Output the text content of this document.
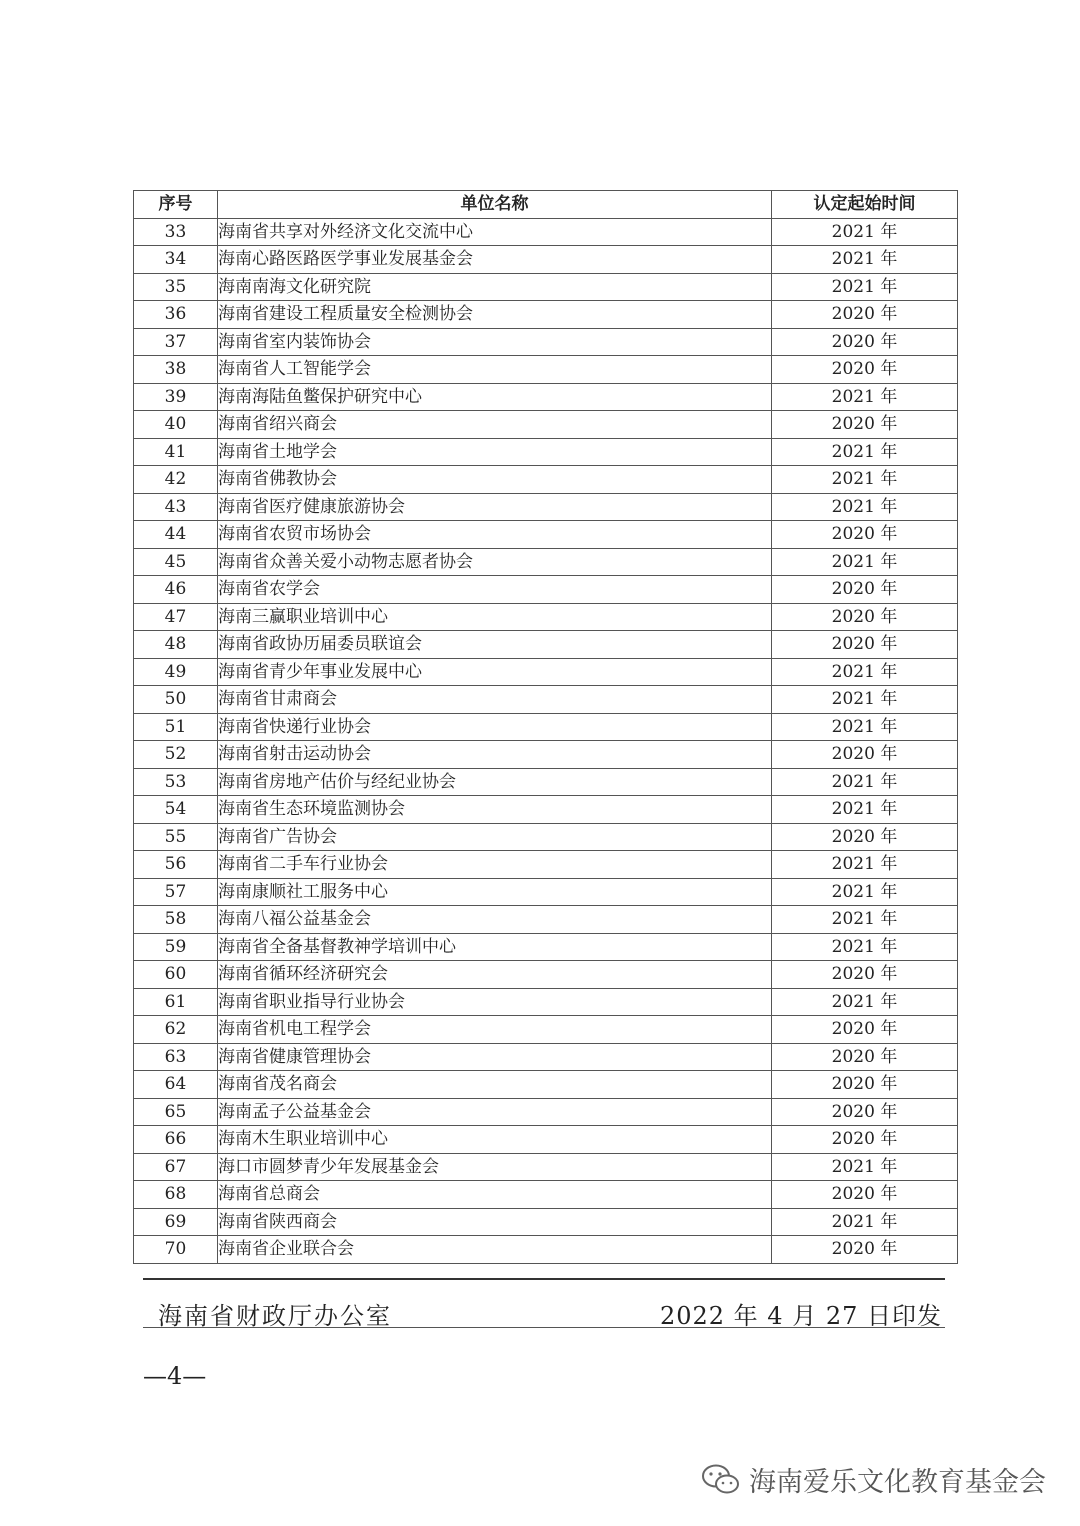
序号	单位名称	认定起始时间
33	海南省共享对外经济文化交流中心	2021 年
34	海南心路医路医学事业发展基金会	2021 年
35	海南南海文化研究院	2021 年
36	海南省建设工程质量安全检测协会	2020 年
37	海南省室内装饰协会	2020 年
38	海南省人工智能学会	2020 年
39	海南海陆鱼鳖保护研究中心	2021 年
40	海南省绍兴商会	2020 年
41	海南省土地学会	2021 年
42	海南省佛教协会	2021 年
43	海南省医疗健康旅游协会	2021 年
44	海南省农贸市场协会	2020 年
45	海南省众善关爱小动物志愿者协会	2021 年
46	海南省农学会	2020 年
47	海南三赢职业培训中心	2020 年
48	海南省政协历届委员联谊会	2020 年
49	海南省青少年事业发展中心	2021 年
50	海南省甘肃商会	2021 年
51	海南省快递行业协会	2021 年
52	海南省射击运动协会	2020 年
53	海南省房地产估价与经纪业协会	2021 年
54	海南省生态环境监测协会	2021 年
55	海南省广告协会	2020 年
56	海南省二手车行业协会	2021 年
57	海南康顺社工服务中心	2021 年
58	海南八福公益基金会	2021 年
59	海南省全备基督教神学培训中心	2021 年
60	海南省循环经济研究会	2020 年
61	海南省职业指导行业协会	2021 年
62	海南省机电工程学会	2020 年
63	海南省健康管理协会	2020 年
64	海南省茂名商会	2020 年
65	海南孟子公益基金会	2020 年
66	海南木生职业培训中心	2020 年
67	海口市圆梦青少年发展基金会	2021 年
68	海南省总商会	2020 年
69	海南省陕西商会	2021 年
70	海南省企业联合会	2020 年
海南省财政厅办公室	2022 年 4 月 27 日印发
—4—
海南爱乐文化教育基金会
